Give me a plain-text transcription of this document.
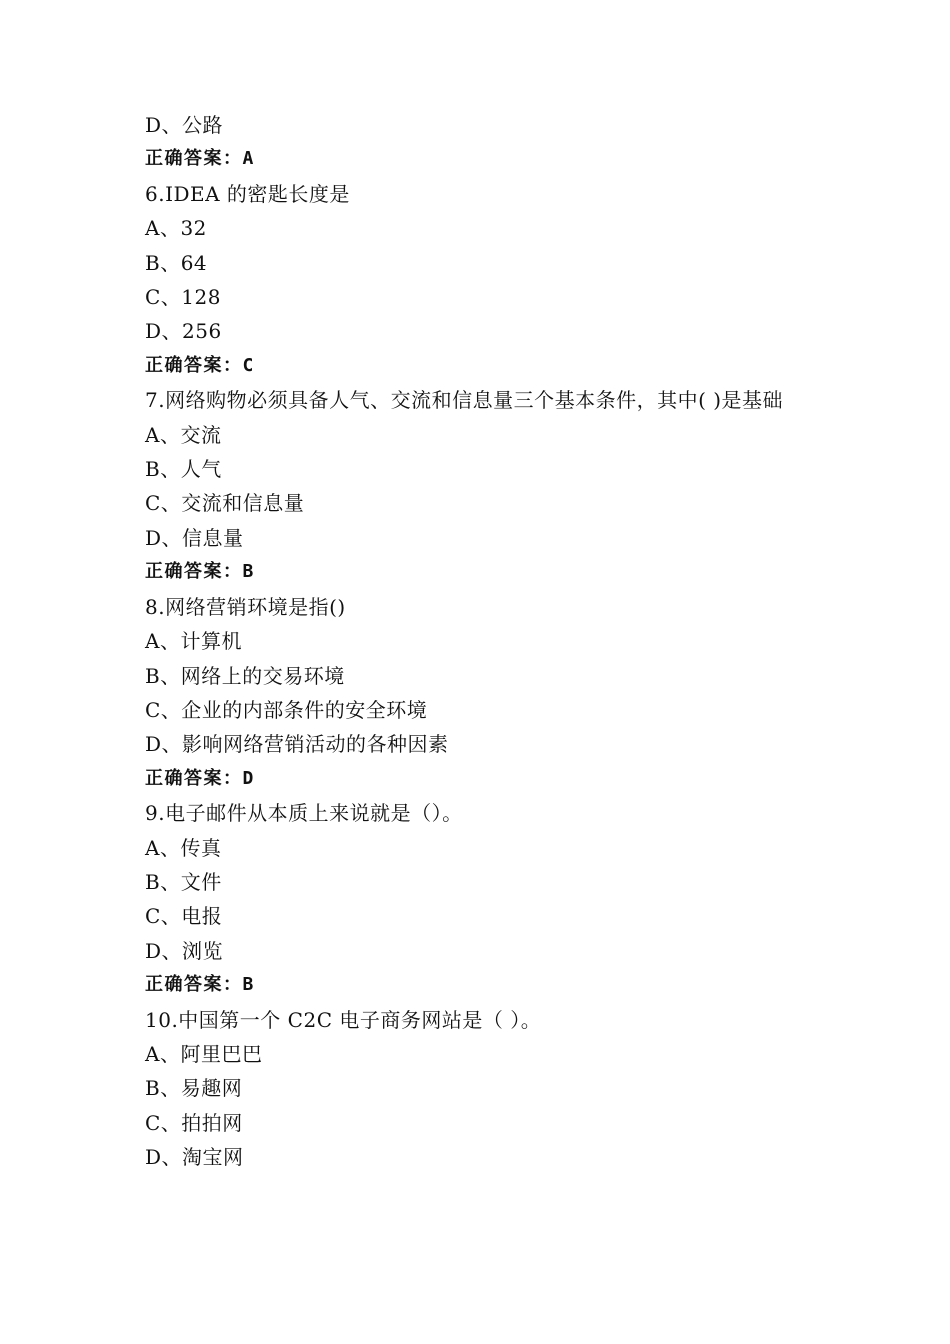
D、公路
正确答案：A
6.IDEA 的密匙长度是
A、32
B、64
C、128
D、256
正确答案：C
7.网络购物必须具备人气、交流和信息量三个基本条件，其中( )是基础
A、交流
B、人气
C、交流和信息量
D、信息量
正确答案：B
8.网络营销环境是指()
A、计算机
B、网络上的交易环境
C、企业的内部条件的安全环境
D、影响网络营销活动的各种因素
正确答案：D
9.电子邮件从本质上来说就是（）。
A、传真
B、文件
C、电报
D、浏览
正确答案：B
10.中国第一个 C2C 电子商务网站是（ ）。
A、阿里巴巴
B、易趣网
C、拍拍网
D、淘宝网
